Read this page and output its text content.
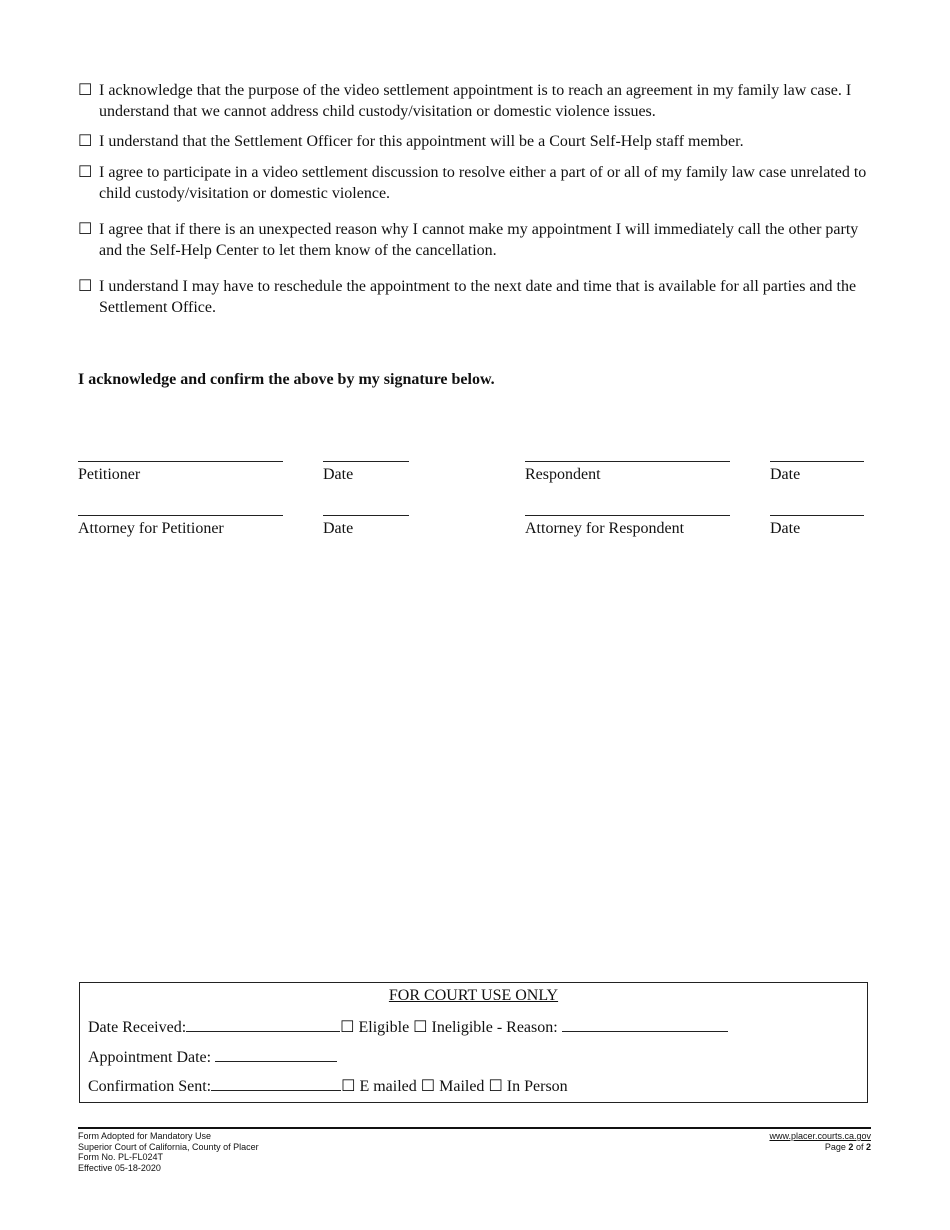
☐ I acknowledge that the purpose of the video settlement appointment is to reach an agreement in my family law case. I understand that we cannot address child custody/visitation or domestic violence issues.
☐ I understand that the Settlement Officer for this appointment will be a Court Self-Help staff member.
☐ I agree to participate in a video settlement discussion to resolve either a part of or all of my family law case unrelated to child custody/visitation or domestic violence.
☐ I agree that if there is an unexpected reason why I cannot make my appointment I will immediately call the other party and the Self-Help Center to let them know of the cancellation.
☐ I understand I may have to reschedule the appointment to the next date and time that is available for all parties and the Settlement Office.
I acknowledge and confirm the above by my signature below.
Petitioner	Date	Respondent	Date
Attorney for Petitioner	Date	Attorney for Respondent	Date
FOR COURT USE ONLY
Date Received:	☐ Eligible ☐ Ineligible - Reason:
Appointment Date:
Confirmation Sent:	☐ E mailed ☐ Mailed ☐ In Person
Form Adopted for Mandatory Use
Superior Court of California, County of Placer
Form No. PL-FL024T
Effective 05-18-2020
www.placer.courts.ca.gov
Page 2 of 2
